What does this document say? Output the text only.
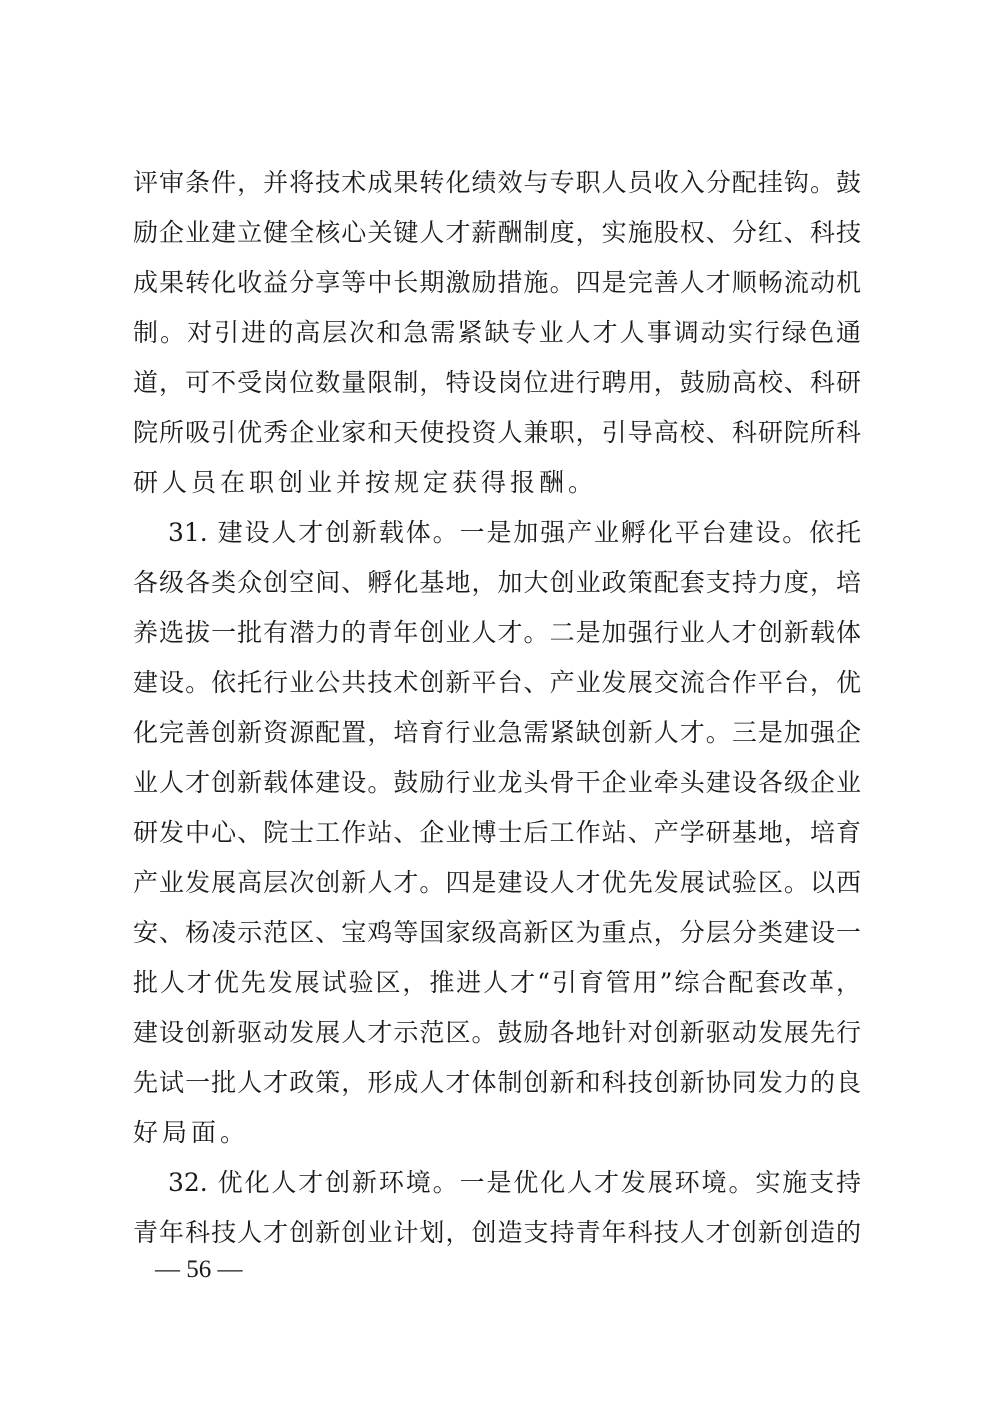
评审条件，并将技术成果转化绩效与专职人员收入分配挂钩。鼓
励企业建立健全核心关键人才薪酬制度，实施股权、分红、科技
成果转化收益分享等中长期激励措施。四是完善人才顺畅流动机
制。对引进的高层次和急需紧缺专业人才人事调动实行绿色通
道，可不受岗位数量限制，特设岗位进行聘用，鼓励高校、科研
院所吸引优秀企业家和天使投资人兼职，引导高校、科研院所科
研人员在职创业并按规定获得报酬。
31. 建设人才创新载体。一是加强产业孵化平台建设。依托
各级各类众创空间、孵化基地，加大创业政策配套支持力度，培
养选拔一批有潜力的青年创业人才。二是加强行业人才创新载体
建设。依托行业公共技术创新平台、产业发展交流合作平台，优
化完善创新资源配置，培育行业急需紧缺创新人才。三是加强企
业人才创新载体建设。鼓励行业龙头骨干企业牵头建设各级企业
研发中心、院士工作站、企业博士后工作站、产学研基地，培育
产业发展高层次创新人才。四是建设人才优先发展试验区。以西
安、杨凌示范区、宝鸡等国家级高新区为重点，分层分类建设一
批人才优先发展试验区，推进人才“引育管用”综合配套改革，
建设创新驱动发展人才示范区。鼓励各地针对创新驱动发展先行
先试一批人才政策，形成人才体制创新和科技创新协同发力的良
好局面。
32. 优化人才创新环境。一是优化人才发展环境。实施支持
青年科技人才创新创业计划，创造支持青年科技人才创新创造的
— 56 —
